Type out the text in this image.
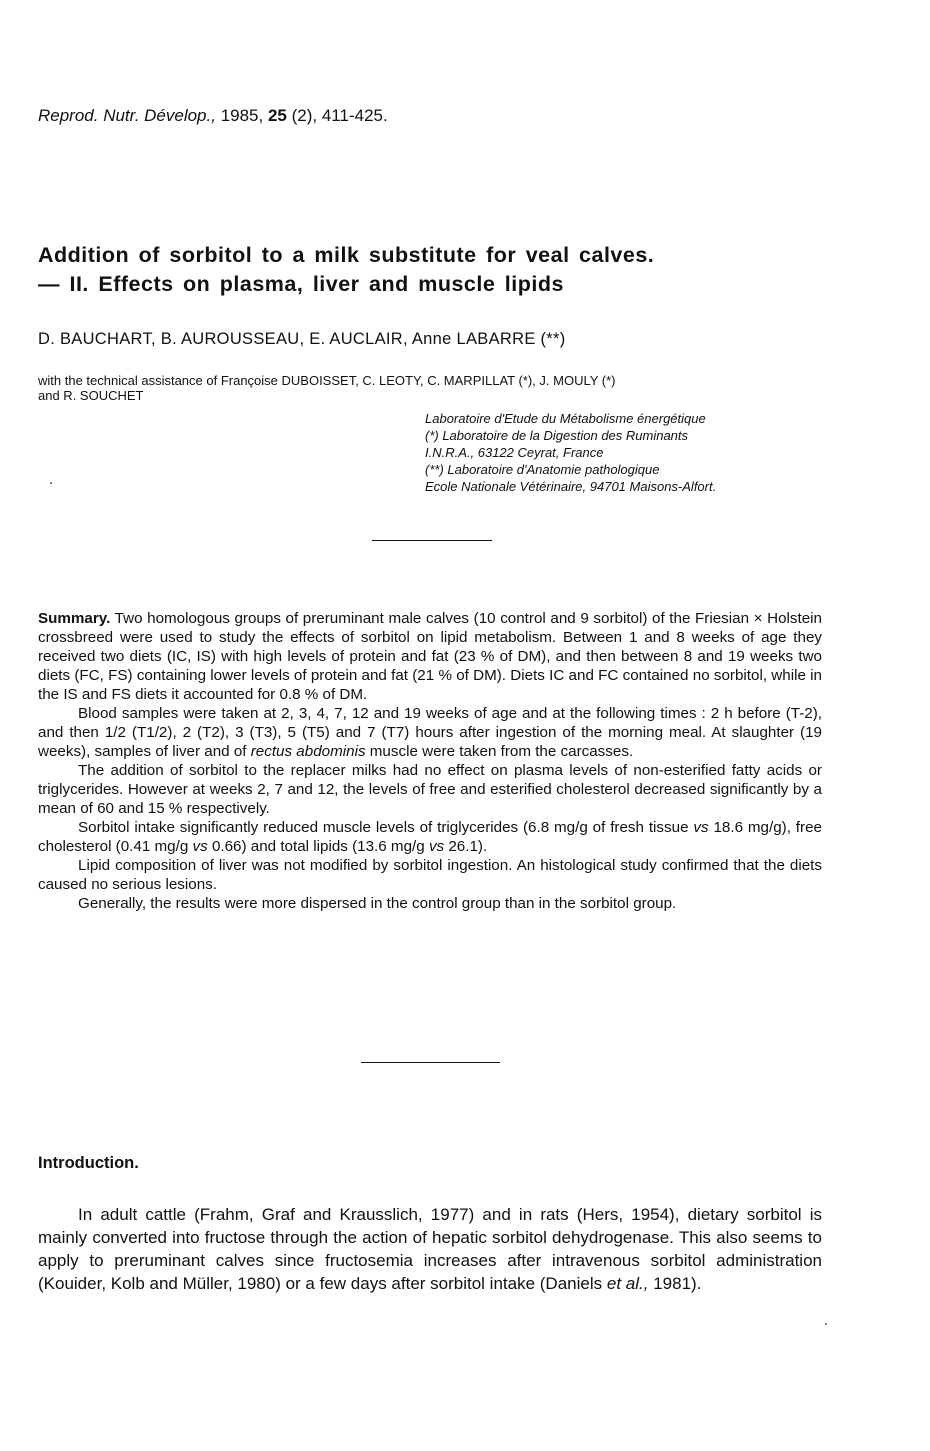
Reprod. Nutr. Dévelop., 1985, 25 (2), 411-425.
Addition of sorbitol to a milk substitute for veal calves.
— II. Effects on plasma, liver and muscle lipids
D. BAUCHART, B. AUROUSSEAU, E. AUCLAIR, Anne LABARRE (**)
with the technical assistance of Françoise DUBOISSET, C. LEOTY, C. MARPILLAT (*), J. MOULY (*)
and R. SOUCHET
Laboratoire d'Etude du Métabolisme énergétique
(*) Laboratoire de la Digestion des Ruminants
I.N.R.A., 63122 Ceyrat, France
(**) Laboratoire d'Anatomie pathologique
Ecole Nationale Vétérinaire, 94701 Maisons-Alfort.

Summary. Two homologous groups of preruminant male calves (10 control and 9 sorbitol) of the Friesian × Holstein crossbreed were used to study the effects of sorbitol on lipid metabolism. Between 1 and 8 weeks of age they received two diets (IC, IS) with high levels of protein and fat (23 % of DM), and then between 8 and 19 weeks two diets (FC, FS) containing lower levels of protein and fat (21 % of DM). Diets IC and FC contained no sorbitol, while in the IS and FS diets it accounted for 0.8 % of DM.

Blood samples were taken at 2, 3, 4, 7, 12 and 19 weeks of age and at the following times : 2 h before (T-2), and then 1/2 (T1/2), 2 (T2), 3 (T3), 5 (T5) and 7 (T7) hours after ingestion of the morning meal. At slaughter (19 weeks), samples of liver and of rectus abdominis muscle were taken from the carcasses.

The addition of sorbitol to the replacer milks had no effect on plasma levels of non-esterified fatty acids or triglycerides. However at weeks 2, 7 and 12, the levels of free and esterified cholesterol decreased significantly by a mean of 60 and 15 % respectively.

Sorbitol intake significantly reduced muscle levels of triglycerides (6.8 mg/g of fresh tissue vs 18.6 mg/g), free cholesterol (0.41 mg/g vs 0.66) and total lipids (13.6 mg/g vs 26.1).

Lipid composition of liver was not modified by sorbitol ingestion. An histological study confirmed that the diets caused no serious lesions.

Generally, the results were more dispersed in the control group than in the sorbitol group.

Introduction.
In adult cattle (Frahm, Graf and Krausslich, 1977) and in rats (Hers, 1954), dietary sorbitol is mainly converted into fructose through the action of hepatic sorbitol dehydrogenase. This also seems to apply to preruminant calves since fructosemia increases after intravenous sorbitol administration (Kouider, Kolb and Müller, 1980) or a few days after sorbitol intake (Daniels et al., 1981).
